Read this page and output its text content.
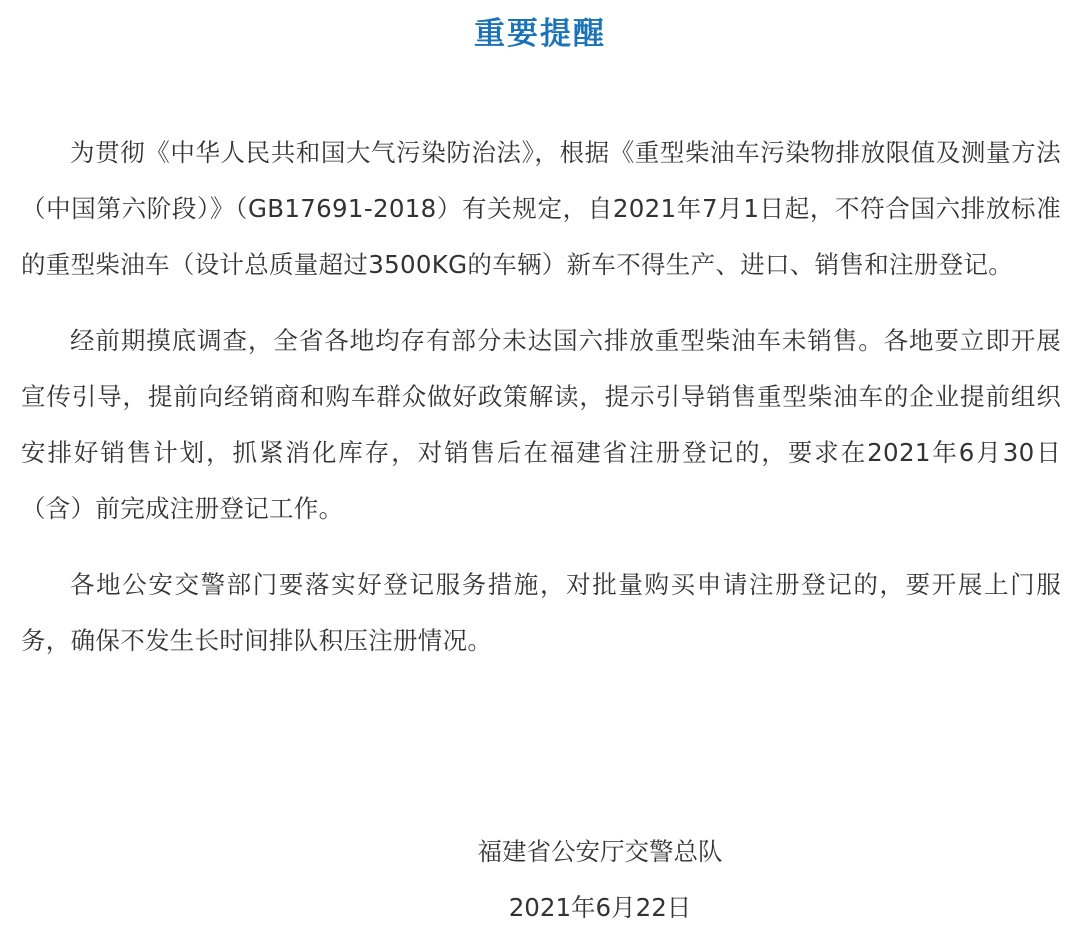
重要提醒

为贯彻《中华人民共和国大气污染防治法》，根据《重型柴油车污染物排放限值及测量方法（中国第六阶段）》（GB17691-2018）有关规定，自2021年7月1日起，不符合国六排放标准的重型柴油车（设计总质量超过3500KG的车辆）新车不得生产、进口、销售和注册登记。

经前期摸底调查，全省各地均存有部分未达国六排放重型柴油车未销售。各地要立即开展宣传引导，提前向经销商和购车群众做好政策解读，提示引导销售重型柴油车的企业提前组织安排好销售计划，抓紧消化库存，对销售后在福建省注册登记的，要求在2021年6月30日（含）前完成注册登记工作。

各地公安交警部门要落实好登记服务措施，对批量购买申请注册登记的，要开展上门服务，确保不发生长时间排队积压注册情况。

福建省公安厅交警总队
2021年6月22日
